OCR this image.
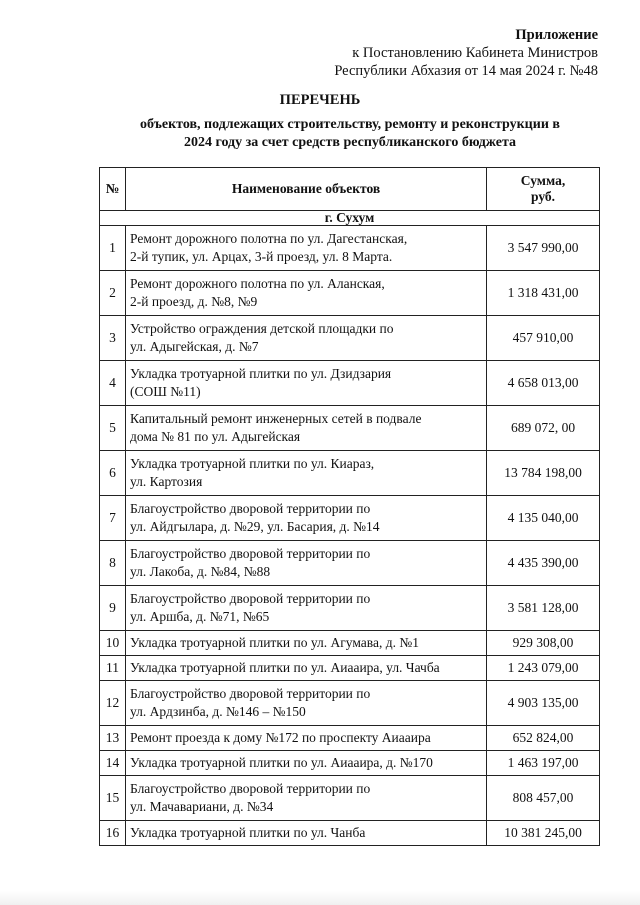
Приложение
к Постановлению Кабинета Министров
Республики Абхазия от 14 мая 2024 г. №48
ПЕРЕЧЕНЬ
объектов, подлежащих строительству, ремонту и реконструкции в
2024 году за счет средств республиканского бюджета
№	Наименование объектов	Сумма,
руб.

г. Сухум		
1	Ремонт дорожного полотна по ул. Дагестанская,
2-й тупик, ул. Арцах, 3-й проезд, ул. 8 Марта.	3 547 990,00
2	Ремонт дорожного полотна по ул. Аланская,
2-й проезд, д. №8, №9	1 318 431,00
3	Устройство ограждения детской площадки по
ул. Адыгейская, д. №7	457 910,00
4	Укладка тротуарной плитки по ул. Дзидзария
(СОШ №11)	4 658 013,00
5	Капитальный ремонт инженерных сетей в подвале
дома № 81 по ул. Адыгейская	689 072, 00
6	Укладка тротуарной плитки по ул. Киараз,
ул. Картозия	13 784 198,00
7	Благоустройство дворовой территории по
ул. Айдгылара, д. №29, ул. Басария, д. №14	4 135 040,00
8	Благоустройство дворовой территории по
ул. Лакоба, д. №84, №88	4 435 390,00
9	Благоустройство дворовой территории по
ул. Аршба, д. №71, №65	3 581 128,00
10	Укладка тротуарной плитки по ул. Агумава, д. №1	929 308,00
11	Укладка тротуарной плитки по ул. Аиааира, ул. Чачба	1 243 079,00
12	Благоустройство дворовой территории по
ул. Ардзинба, д. №146 – №150	4 903 135,00
13	Ремонт проезда к дому №172 по проспекту Аиааира	652 824,00
14	Укладка тротуарной плитки по ул. Аиааира, д. №170	1 463 197,00
15	Благоустройство дворовой территории по
ул. Мачавариани, д. №34	808 457,00
16	Укладка тротуарной плитки по ул. Чанба	10 381 245,00
